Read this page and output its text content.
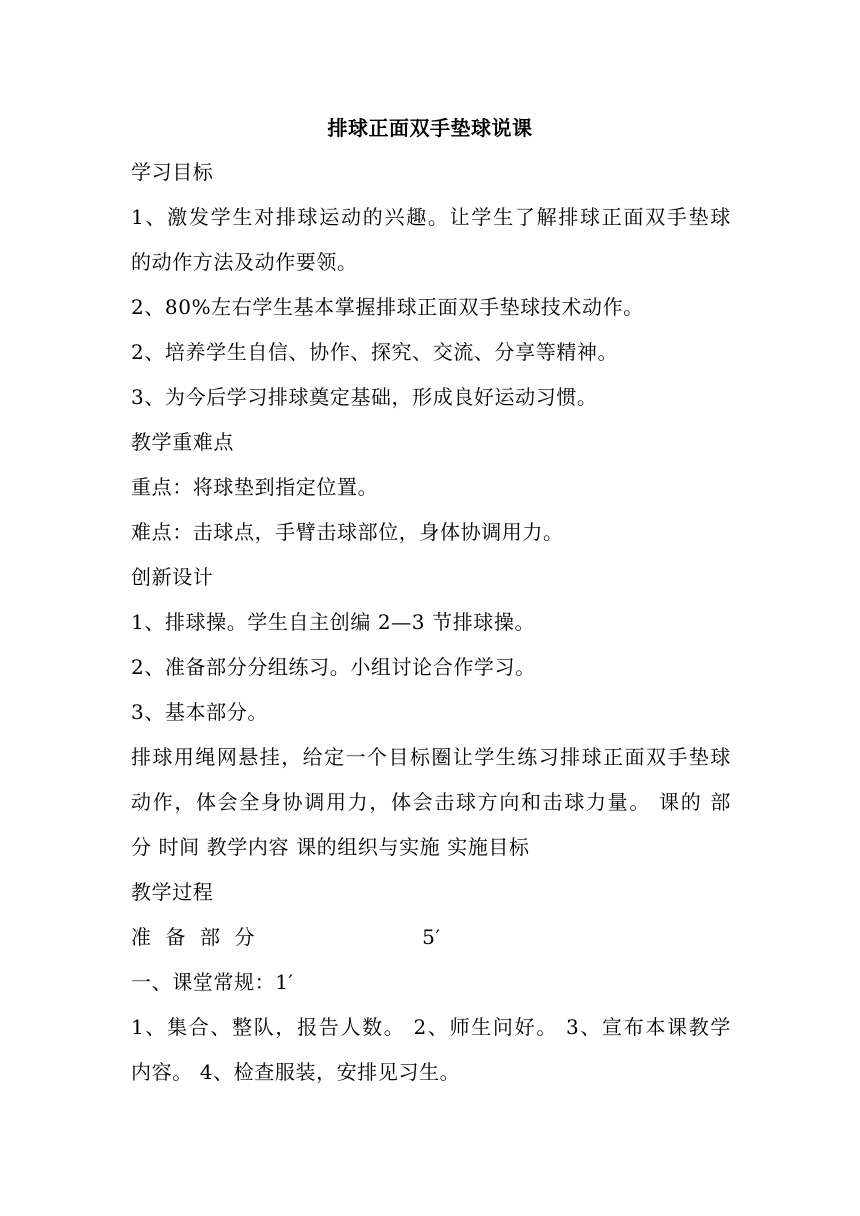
排球正面双手垫球说课
学习目标
1、激发学生对排球运动的兴趣。让学生了解排球正面双手垫球
的动作方法及动作要领。
2、80%左右学生基本掌握排球正面双手垫球技术动作。
2、培养学生自信、协作、探究、交流、分享等精神。
3、为今后学习排球奠定基础，形成良好运动习惯。
教学重难点
重点：将球垫到指定位置。
难点：击球点，手臂击球部位，身体协调用力。
创新设计
1、排球操。学生自主创编 2—3 节排球操。
2、准备部分分组练习。小组讨论合作学习。
3、基本部分。
排球用绳网悬挂，给定一个目标圈让学生练习排球正面双手垫球
动作，体会全身协调用力，体会击球方向和击球力量。 课的 部
分 时间 教学内容 课的组织与实施 实施目标
教学过程
准  备  部  分                        5′
一、课堂常规：1′
1、集合、整队，报告人数。 2、师生问好。 3、宣布本课教学
内容。 4、检查服装，安排见习生。
